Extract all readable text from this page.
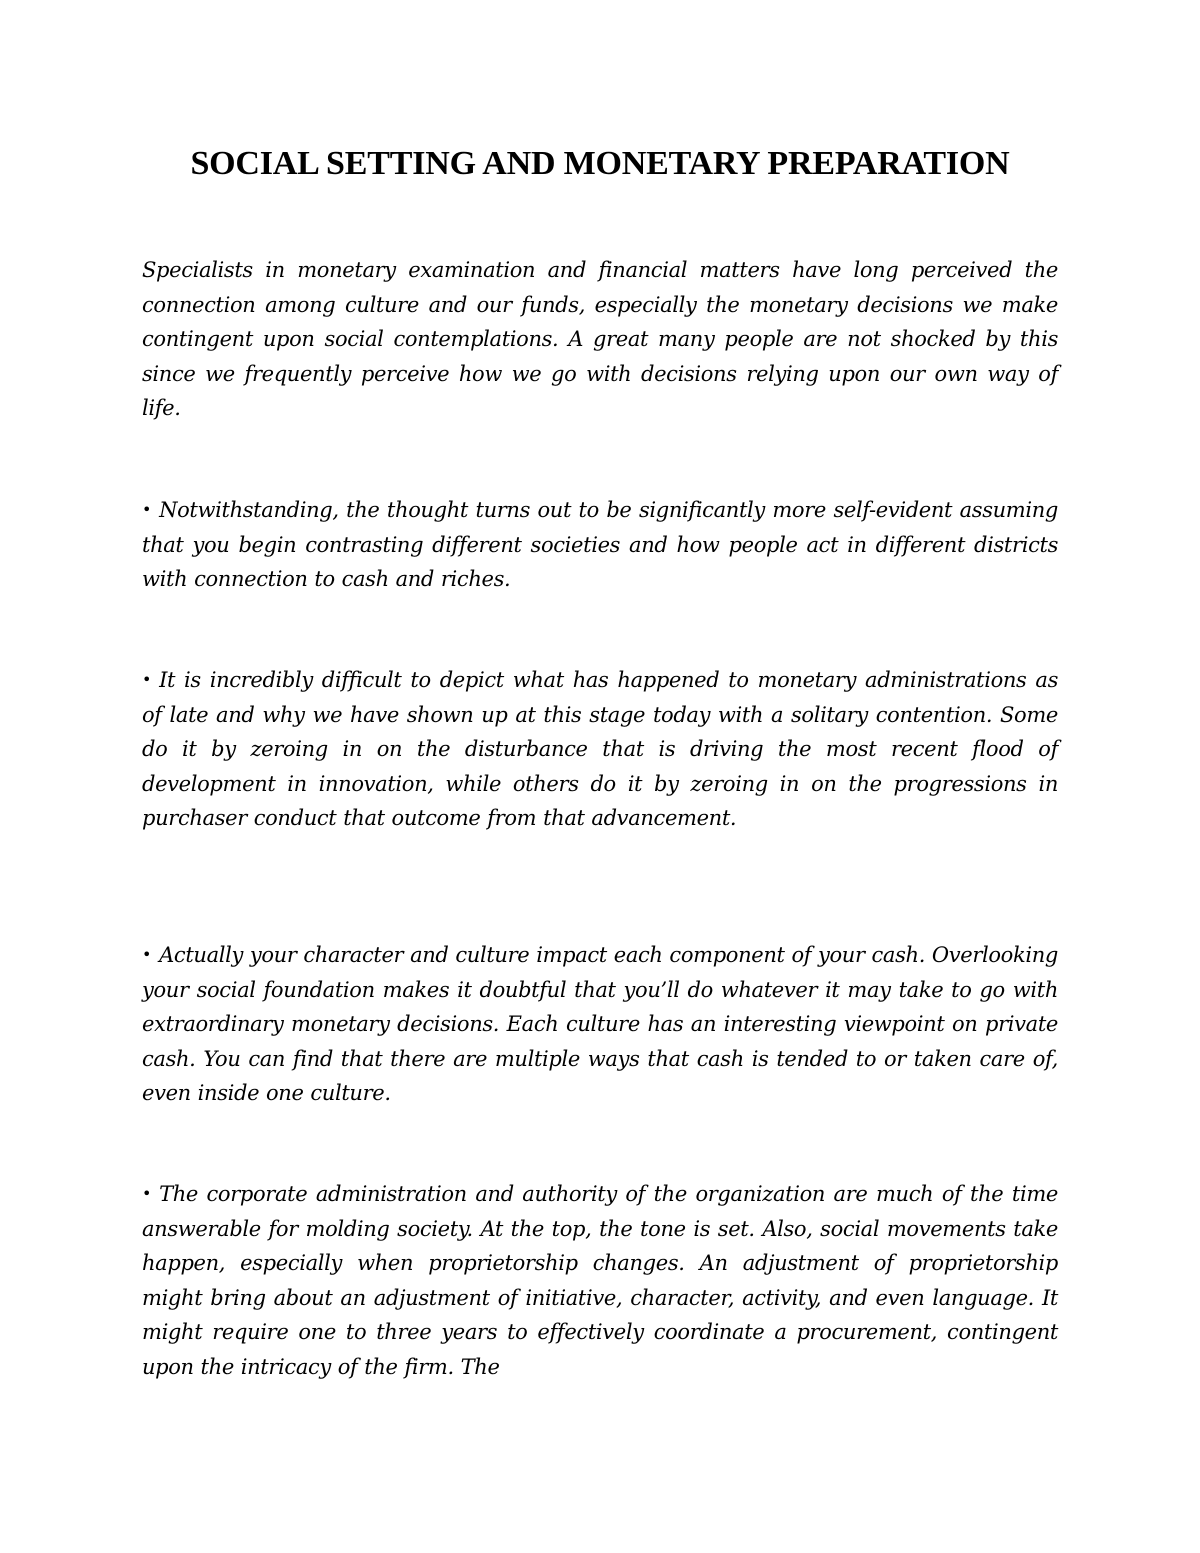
SOCIAL SETTING AND MONETARY PREPARATION

Specialists in monetary examination and financial matters have long perceived the connection among culture and our funds, especially the monetary decisions we make contingent upon social contemplations. A great many people are not shocked by this since we frequently perceive how we go with decisions relying upon our own way of life.

• Notwithstanding, the thought turns out to be significantly more self-evident assuming that you begin contrasting different societies and how people act in different districts with connection to cash and riches.

• It is incredibly difficult to depict what has happened to monetary administrations as of late and why we have shown up at this stage today with a solitary contention. Some do it by zeroing in on the disturbance that is driving the most recent flood of development in innovation, while others do it by zeroing in on the progressions in purchaser conduct that outcome from that advancement.

• Actually your character and culture impact each component of your cash. Overlooking your social foundation makes it doubtful that you’ll do whatever it may take to go with extraordinary monetary decisions. Each culture has an interesting viewpoint on private cash. You can find that there are multiple ways that cash is tended to or taken care of, even inside one culture.

• The corporate administration and authority of the organization are much of the time answerable for molding society. At the top, the tone is set. Also, social movements take happen, especially when proprietorship changes. An adjustment of proprietorship might bring about an adjustment of initiative, character, activity, and even language. It might require one to three years to effectively coordinate a procurement, contingent upon the intricacy of the firm. The
